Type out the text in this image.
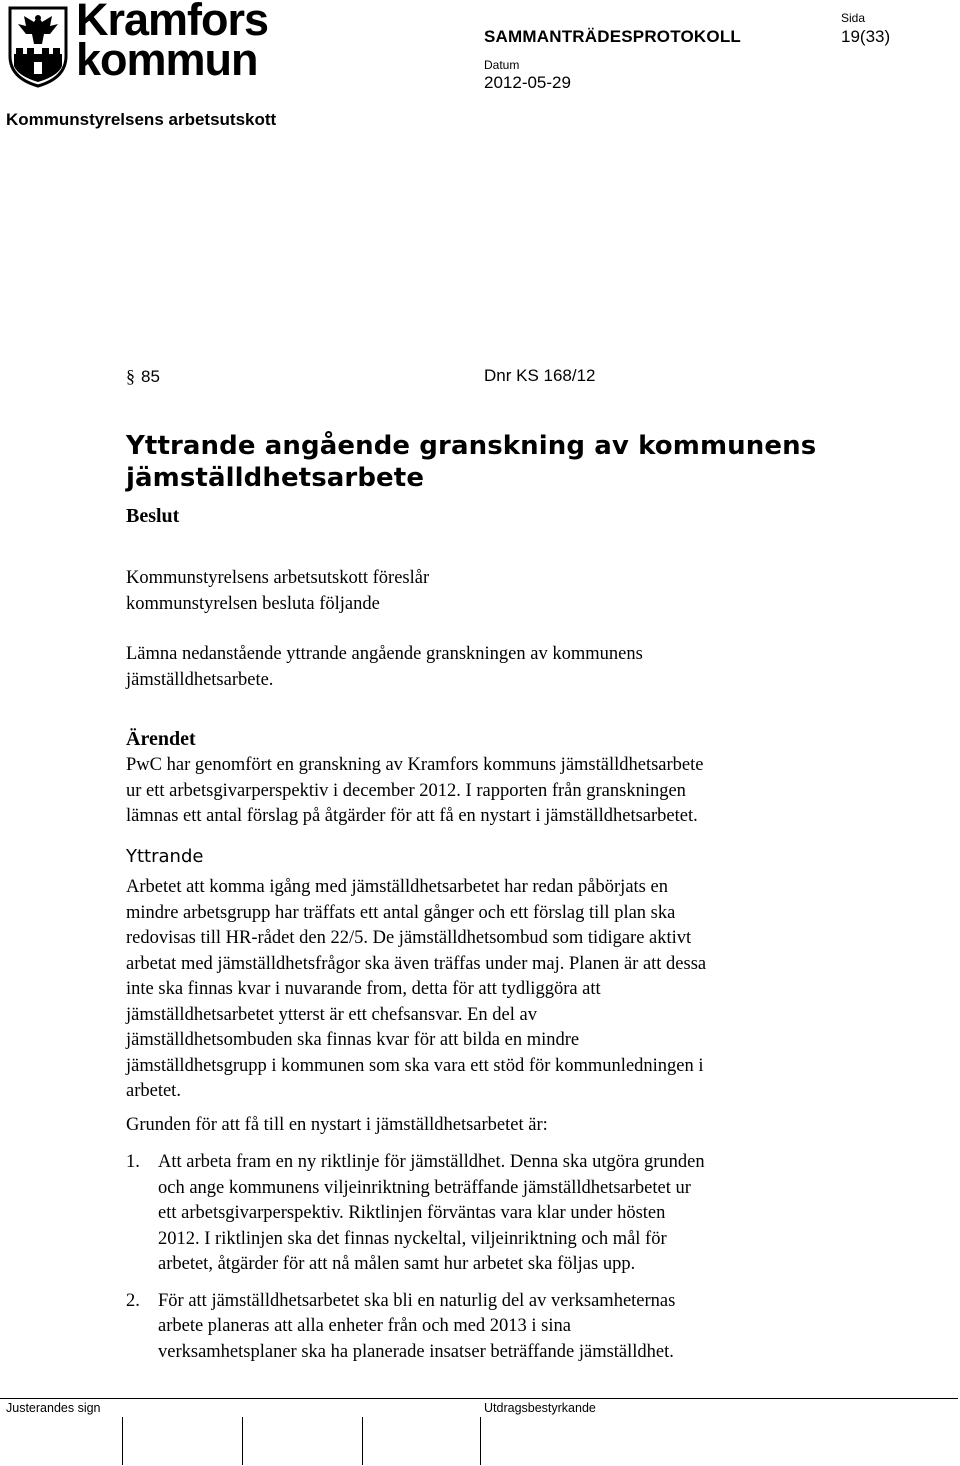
Kramfors
kommun
Kommunstyrelsens arbetsutskott
SAMMANTRÄDESPROTOKOLL
Sida
19(33)
Datum
2012-05-29
§ 85	Dnr KS 168/12
Yttrande angående granskning av kommunens
jämställdhetsarbete
Beslut
Kommunstyrelsens arbetsutskott föreslår
kommunstyrelsen besluta följande
Lämna nedanstående yttrande angående granskningen av kommunens
jämställdhetsarbete.
Ärendet
PwC har genomfört en granskning av Kramfors kommuns jämställdhetsarbete
ur ett arbetsgivarperspektiv i december 2012. I rapporten från granskningen
lämnas ett antal förslag på åtgärder för att få en nystart i jämställdhetsarbetet.
Yttrande
Arbetet att komma igång med jämställdhetsarbetet har redan påbörjats en
mindre arbetsgrupp har träffats ett antal gånger och ett förslag till plan ska
redovisas till HR-rådet den 22/5. De jämställdhetsombud som tidigare aktivt
arbetat med jämställdhetsfrågor ska även träffas under maj. Planen är att dessa
inte ska finnas kvar i nuvarande from, detta för att tydliggöra att
jämställdhetsarbetet ytterst är ett chefsansvar. En del av
jämställdhetsombuden ska finnas kvar för att bilda en mindre
jämställdhetsgrupp i kommunen som ska vara ett stöd för kommunledningen i
arbetet.
Grunden för att få till en nystart i jämställdhetsarbetet är:
1. Att arbeta fram en ny riktlinje för jämställdhet. Denna ska utgöra grunden
och ange kommunens viljeinriktning beträffande jämställdhetsarbetet ur
ett arbetsgivarperspektiv. Riktlinjen förväntas vara klar under hösten
2012. I riktlinjen ska det finnas nyckeltal, viljeinriktning och mål för
arbetet, åtgärder för att nå målen samt hur arbetet ska följas upp.
2. För att jämställdhetsarbetet ska bli en naturlig del av verksamheternas
arbete planeras att alla enheter från och med 2013 i sina
verksamhetsplaner ska ha planerade insatser beträffande jämställdhet.
Justerandes sign	Utdragsbestyrkande
